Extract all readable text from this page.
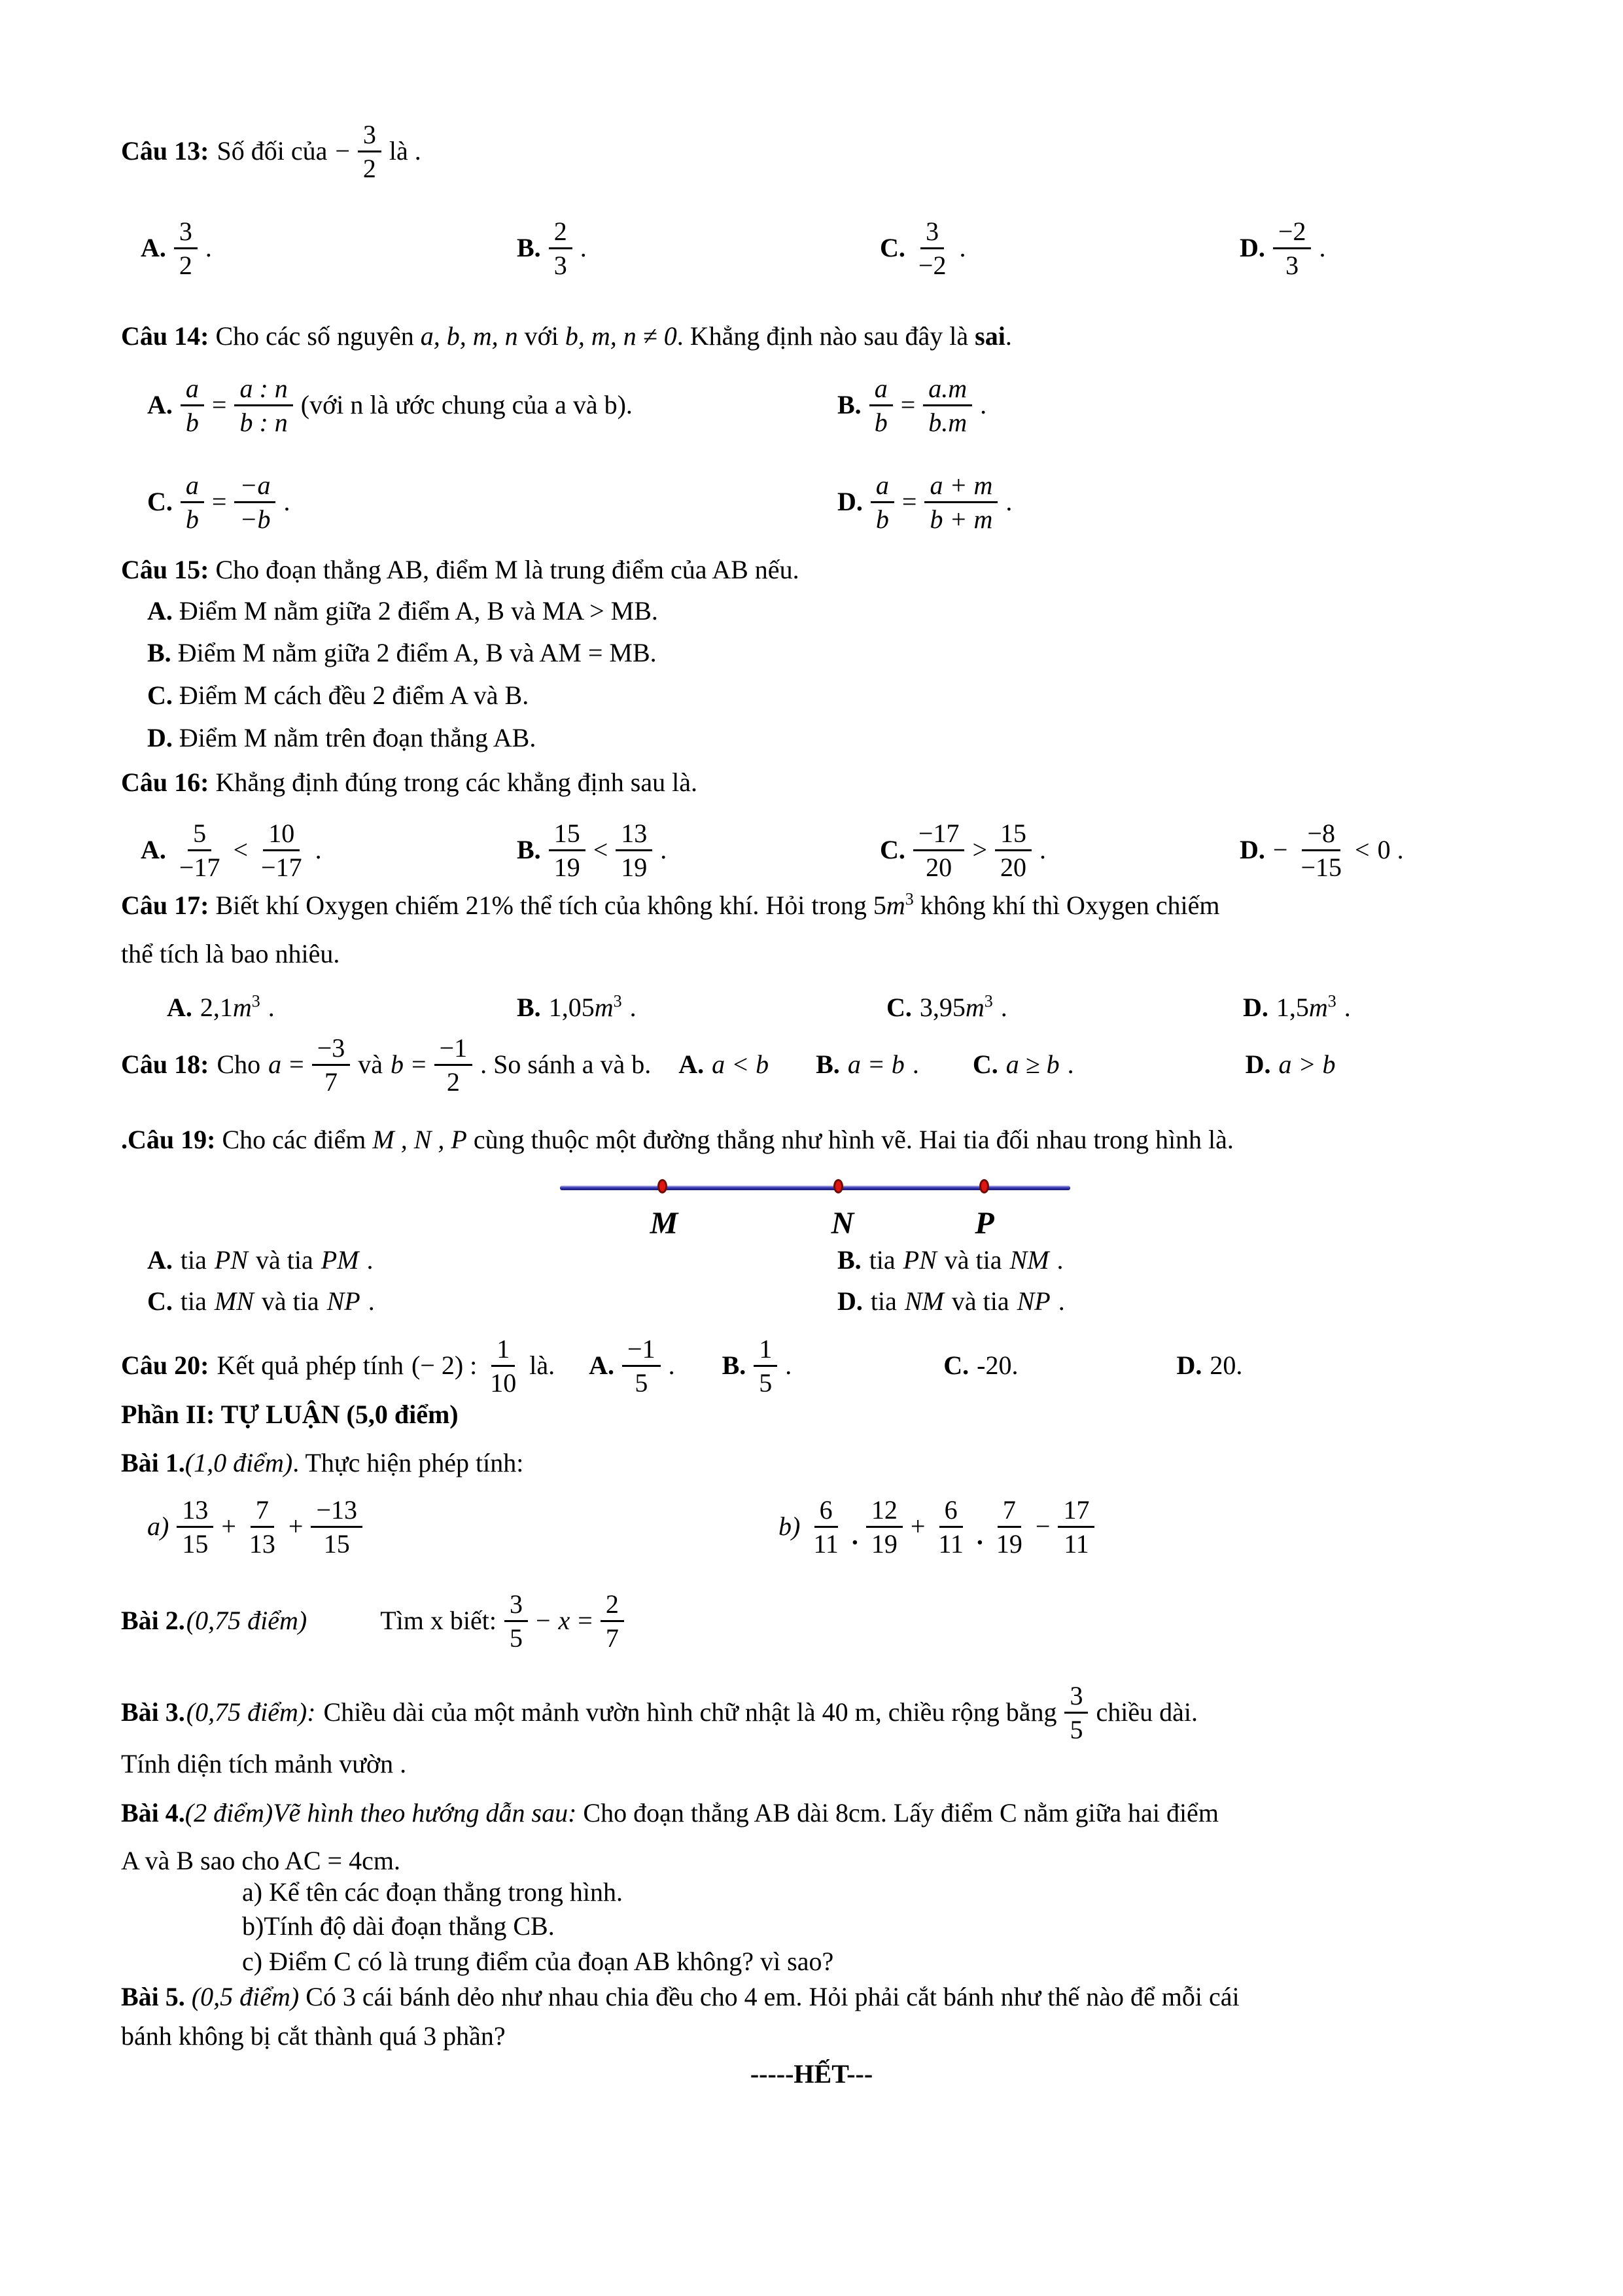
Câu 13: Số đối của − $\frac{3}{2}$ là .
A. $\frac{3}{2}$ .	B. $\frac{2}{3}$ .	C. $\frac{3}{-2}$ .	D. $\frac{-2}{3}$ .
Câu 14: Cho các số nguyên a, b, m, n với b, m, n ≠ 0. Khẳng định nào sau đây là sai.
A. $\frac{a}{b} = \frac{a : n}{b : n}$ (với n là ước chung của a và b).	B. $\frac{a}{b} = \frac{a.m}{b.m}$ .
C. $\frac{a}{b} = \frac{-a}{-b}$ .	D. $\frac{a}{b} = \frac{a + m}{b + m}$ .
Câu 15: Cho đoạn thẳng AB, điểm M là trung điểm của AB nếu.
A. Điểm M nằm giữa 2 điểm A, B và MA > MB.
B. Điểm M nằm giữa 2 điểm A, B và AM = MB.
C. Điểm M cách đều 2 điểm A và B.
D. Điểm M nằm trên đoạn thẳng AB.
Câu 16: Khẳng định đúng trong các khẳng định sau là.
A. $\frac{5}{-17} < \frac{10}{-17}$ .	B. $\frac{15}{19} < \frac{13}{19}$ .	C. $\frac{-17}{20} > \frac{15}{20}$ .	D. − $\frac{-8}{-15} < 0$ .
Câu 17: Biết khí Oxygen chiếm 21% thể tích của không khí. Hỏi trong $5m^3$ không khí thì Oxygen chiếm
thể tích là bao nhiêu.
A. $2,1m^3$ .	B. $1,05m^3$ .	C. $3,95m^3$ .	D. $1,5m^3$ .
Câu 18: Cho $a = \frac{-3}{7}$ và $b = \frac{-1}{2}$ . So sánh a và b. A. a < b B. a = b . C. a ≥ b .	D. a > b
.Câu 19: Cho các điểm M , N , P cùng thuộc một đường thẳng như hình vẽ. Hai tia đối nhau trong hình là.
M	N	P
A. tia PN và tia PM .	B. tia PN và tia NM .
C. tia MN và tia NP .	D. tia NM và tia NP .
Câu 20: Kết quả phép tính (− 2) : $\frac{1}{10}$ là. A. $\frac{-1}{5}$ . B. $\frac{1}{5}$ .	C. -20.	D. 20.
Phần II: TỰ LUẬN (5,0 điểm)
Bài 1.(1,0 điểm). Thực hiện phép tính:
$a) \frac{13}{15} + \frac{7}{13} + \frac{-13}{15}$	$b) \frac{6}{11}$ . $\frac{12}{19} + \frac{6}{11}$ . $\frac{7}{19} - \frac{17}{11}$
Bài 2. (0,75 điểm)	Tìm x biết: $\frac{3}{5} - x = \frac{2}{7}$
Bài 3. (0,75 điểm): Chiều dài của một mảnh vườn hình chữ nhật là 40 m, chiều rộng bằng $\frac{3}{5}$ chiều dài.
Tính diện tích mảnh vườn .
Bài 4.(2 điểm)Vẽ hình theo hướng dẫn sau: Cho đoạn thẳng AB dài 8cm. Lấy điểm C nằm giữa hai điểm
A và B sao cho AC = 4cm.
a) Kể tên các đoạn thẳng trong hình.
b)Tính độ dài đoạn thẳng CB.
c) Điểm C có là trung điểm của đoạn AB không? vì sao?
Bài 5. (0,5 điểm) Có 3 cái bánh dẻo như nhau chia đều cho 4 em. Hỏi phải cắt bánh như thế nào để mỗi cái
bánh không bị cắt thành quá 3 phần?
-----HẾT---
